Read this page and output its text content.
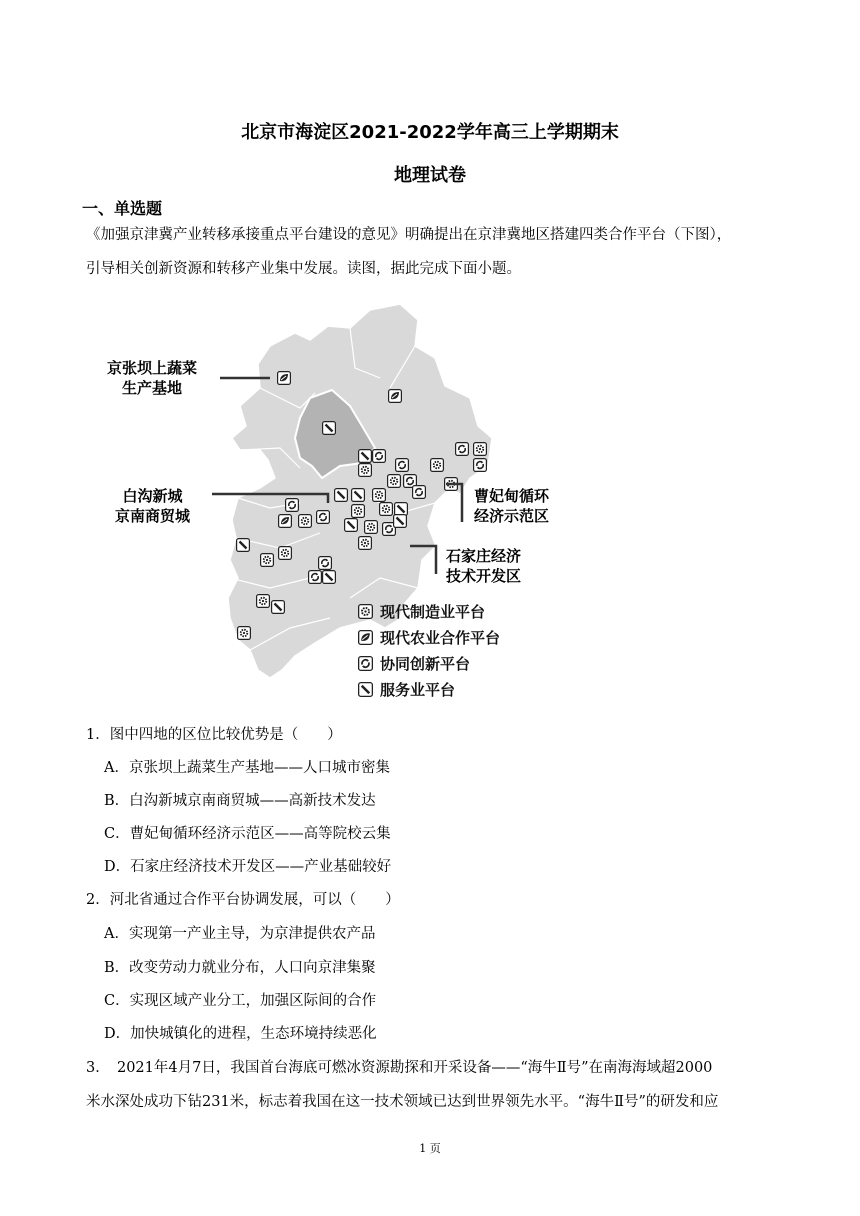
北京市海淀区2021-2022学年高三上学期期末
地理试卷
一、单选题
《加强京津冀产业转移承接重点平台建设的意见》明确提出在京津冀地区搭建四类合作平台（下图），
引导相关创新资源和转移产业集中发展。读图，据此完成下面小题。
现代制造业平台
现代农业合作平台
协同创新平台
服务业平台
京张坝上蔬菜
生产基地
白沟新城
京南商贸城
曹妃甸循环
经济示范区
石家庄经济
技术开发区
1．图中四地的区位比较优势是（　　）
A．京张坝上蔬菜生产基地——人口城市密集
B．白沟新城京南商贸城——高新技术发达
C．曹妃甸循环经济示范区——高等院校云集
D．石家庄经济技术开发区——产业基础较好
2．河北省通过合作平台协调发展，可以（　　）
A．实现第一产业主导，为京津提供农产品
B．改变劳动力就业分布，人口向京津集聚
C．实现区域产业分工，加强区际间的合作
D．加快城镇化的进程，生态环境持续恶化
3．　2021年4月7日，我国首台海底可燃冰资源勘探和开采设备——“海牛Ⅱ号”在南海海域超2000
米水深处成功下钻231米，标志着我国在这一技术领域已达到世界领先水平。“海牛Ⅱ号”的研发和应
1 页
